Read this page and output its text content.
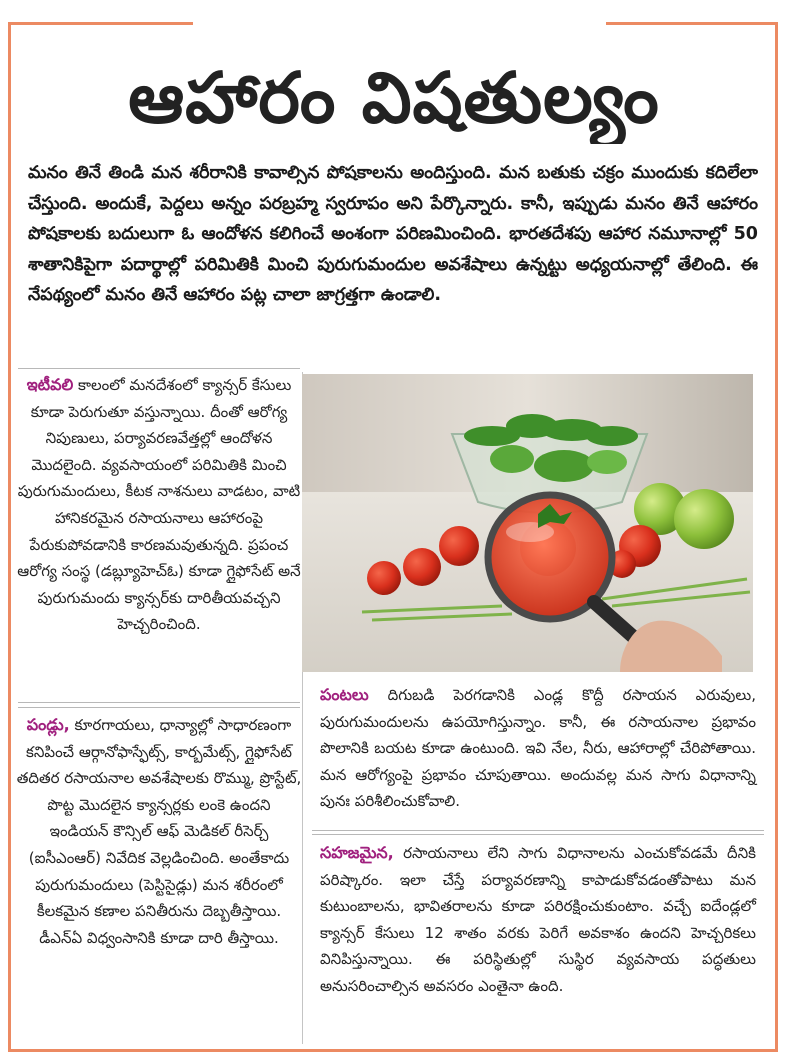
ఆహారం విషతుల్యం

మనం తినే తిండి మన శరీరానికి కావాల్సిన పోషకాలను అందిస్తుంది. మన బతుకు చక్రం ముందుకు కదిలేలా చేస్తుంది. అందుకే, పెద్దలు అన్నం పరబ్రహ్మ స్వరూపం అని పేర్కొన్నారు. కానీ, ఇప్పుడు మనం తినే ఆహారం పోషకాలకు బదులుగా ఓ ఆందోళన కలిగించే అంశంగా పరిణమించింది. భారతదేశపు ఆహార నమూనాల్లో 50 శాతానికిపైగా పదార్థాల్లో పరిమితికి మించి పురుగుమందుల అవశేషాలు ఉన్నట్టు అధ్యయనాల్లో తేలింది. ఈ నేపథ్యంలో మనం తినే ఆహారం పట్ల చాలా జాగ్రత్తగా ఉండాలి.

ఇటీవలి కాలంలో మనదేశంలో క్యాన్సర్ కేసులు కూడా పెరుగుతూ వస్తున్నాయి. దీంతో ఆరోగ్య నిపుణులు, పర్యావరణవేత్తల్లో ఆందోళన మొదలైంది. వ్యవసాయంలో పరిమితికి మించి పురుగుమందులు, కీటక నాశనులు వాడటం, వాటి హానికరమైన రసాయనాలు ఆహారంపై పేరుకుపోవడానికి కారణమవుతున్నది. ప్రపంచ ఆరోగ్య సంస్థ (డబ్ల్యూహెచ్ఓ) కూడా గ్లైఫోసేట్ అనే పురుగుమందు క్యాన్సర్‌కు దారితీయవచ్చని హెచ్చరించింది.

పండ్లు, కూరగాయలు, ధాన్యాల్లో సాధారణంగా కనిపించే ఆర్గానోఫాస్ఫేట్స్, కార్బమేట్స్, గ్లైఫోసేట్ తదితర రసాయనాల అవశేషాలకు రొమ్ము, ప్రొస్టేట్, పొట్ట మొదలైన క్యాన్సర్లకు లంకె ఉందని ఇండియన్ కౌన్సిల్ ఆఫ్ మెడికల్ రీసెర్చ్ (ఐసీఎంఆర్) నివేదిక వెల్లడించింది. అంతేకాదు పురుగుమందులు (పెస్టిసైడ్లు) మన శరీరంలో కీలకమైన కణాల పనితీరును దెబ్బతీస్తాయి. డీఎన్ఏ విధ్వంసానికి కూడా దారి తీస్తాయి.

పంటలు దిగుబడి పెరగడానికి ఎండ్ల కొద్దీ రసాయన ఎరువులు, పురుగుమందులను ఉపయోగిస్తున్నాం. కానీ, ఈ రసాయనాల ప్రభావం పొలానికి బయట కూడా ఉంటుంది. ఇవి నేల, నీరు, ఆహారాల్లో చేరిపోతాయి. మన ఆరోగ్యంపై ప్రభావం చూపుతాయి. అందువల్ల మన సాగు విధానాన్ని పునః పరిశీలించుకోవాలి.

సహజమైన, రసాయనాలు లేని సాగు విధానాలను ఎంచుకోవడమే దీనికి పరిష్కారం. ఇలా చేస్తే పర్యావరణాన్ని కాపాడుకోవడంతోపాటు మన కుటుంబాలను, భావితరాలను కూడా పరిరక్షించుకుంటాం. వచ్చే ఐదేండ్లలో క్యాన్సర్ కేసులు 12 శాతం వరకు పెరిగే అవకాశం ఉందని హెచ్చరికలు వినిపిస్తున్నాయి. ఈ పరిస్థితుల్లో సుస్థిర వ్యవసాయ పద్ధతులు అనుసరించాల్సిన అవసరం ఎంతైనా ఉంది.
